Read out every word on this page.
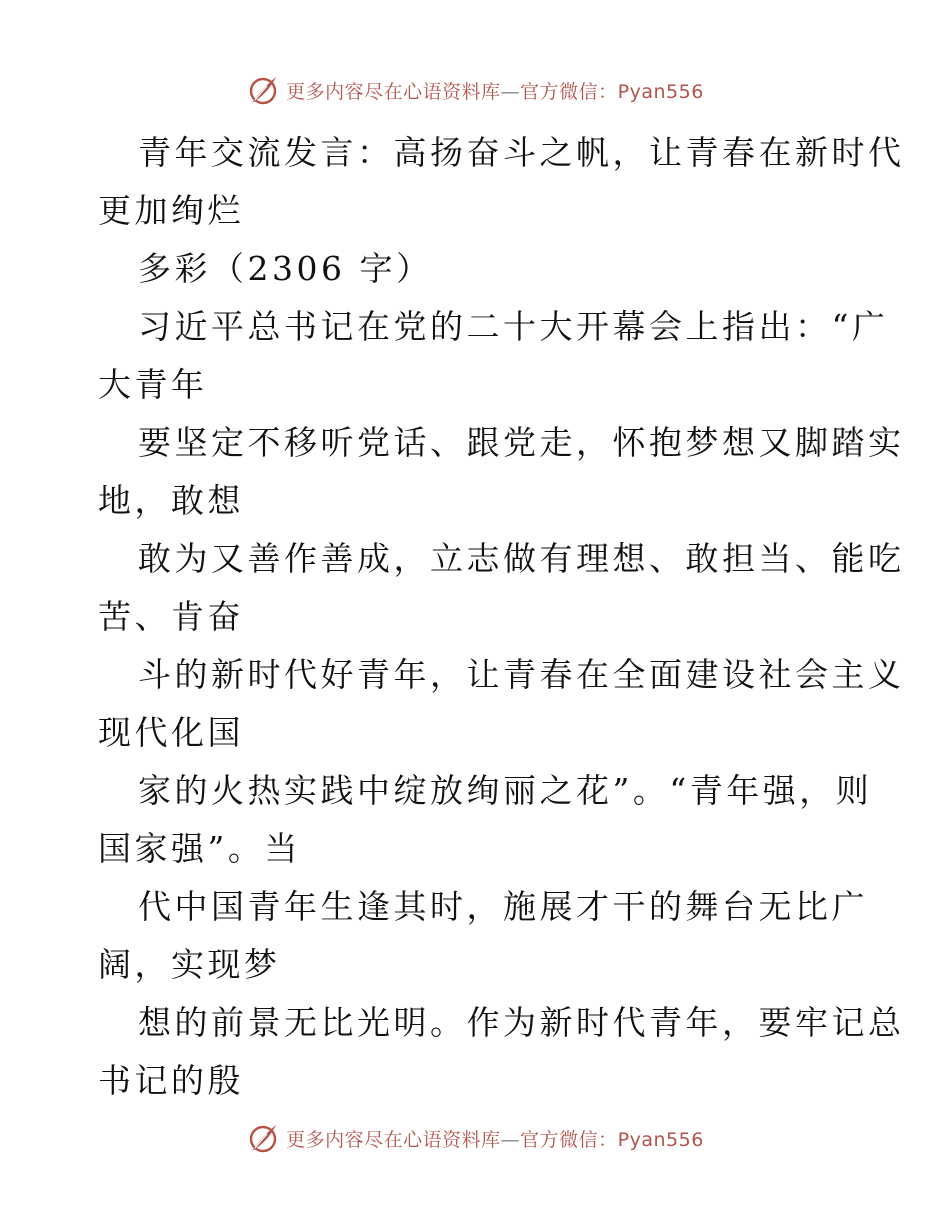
更多内容尽在心语资料库—官方微信：Pyan556
青年交流发言：高扬奋斗之帆，让青春在新时代
更加绚烂
多彩（2306 字）
习近平总书记在党的二十大开幕会上指出：“广
大青年
要坚定不移听党话、跟党走，怀抱梦想又脚踏实
地，敢想
敢为又善作善成，立志做有理想、敢担当、能吃
苦、肯奋
斗的新时代好青年，让青春在全面建设社会主义
现代化国
家的火热实践中绽放绚丽之花”。“青年强，则
国家强”。当
代中国青年生逢其时，施展才干的舞台无比广
阔，实现梦
想的前景无比光明。作为新时代青年，要牢记总
书记的殷
更多内容尽在心语资料库—官方微信：Pyan556
